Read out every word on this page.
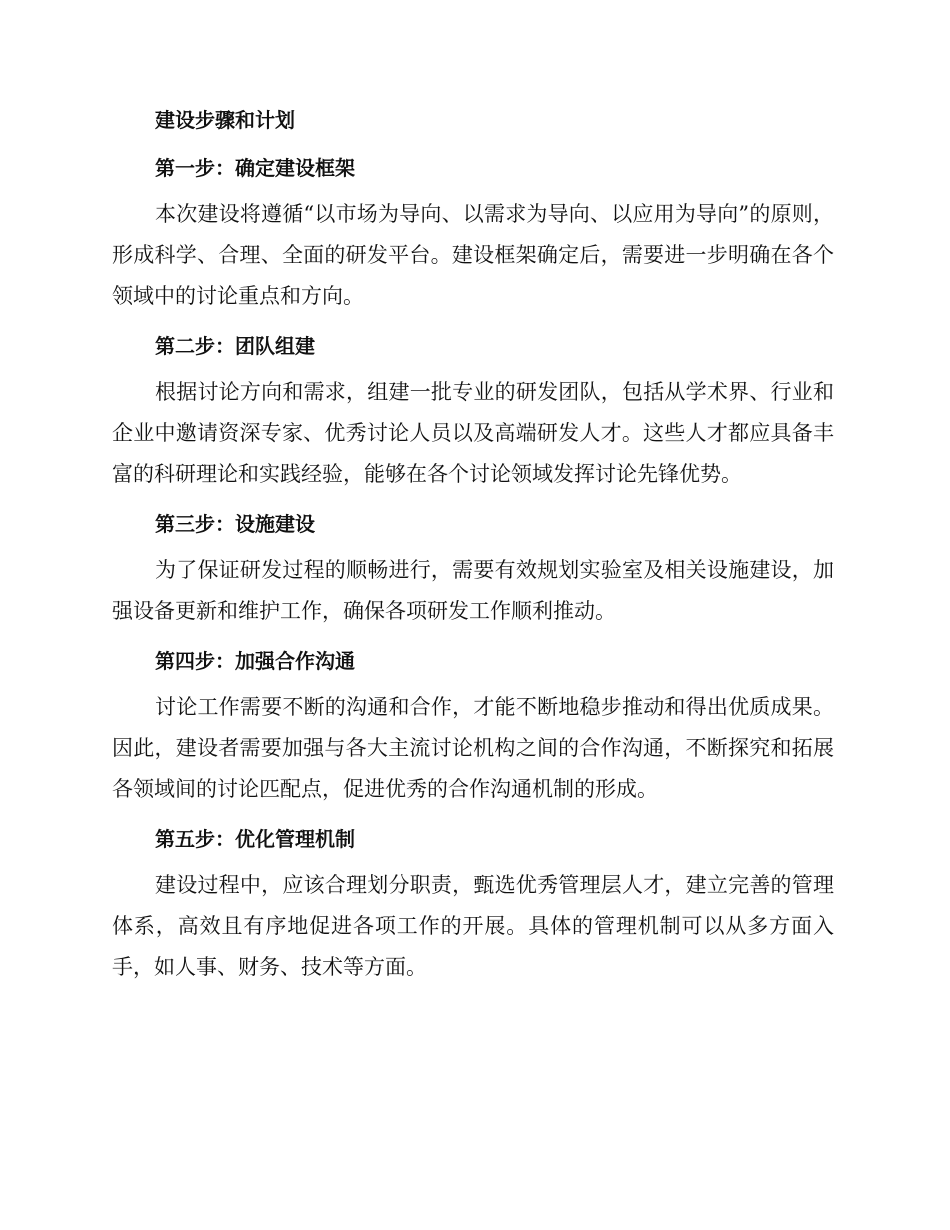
建设步骤和计划
第一步：确定建设框架

本次建设将遵循“以市场为导向、以需求为导向、以应用为导向”的原则，形成科学、合理、全面的研发平台。建设框架确定后，需要进一步明确在各个领域中的讨论重点和方向。

第二步：团队组建

根据讨论方向和需求，组建一批专业的研发团队，包括从学术界、行业和企业中邀请资深专家、优秀讨论人员以及高端研发人才。这些人才都应具备丰富的科研理论和实践经验，能够在各个讨论领域发挥讨论先锋优势。

第三步：设施建设

为了保证研发过程的顺畅进行，需要有效规划实验室及相关设施建设，加强设备更新和维护工作，确保各项研发工作顺利推动。

第四步：加强合作沟通

讨论工作需要不断的沟通和合作，才能不断地稳步推动和得出优质成果。因此，建设者需要加强与各大主流讨论机构之间的合作沟通，不断探究和拓展各领域间的讨论匹配点，促进优秀的合作沟通机制的形成。

第五步：优化管理机制

建设过程中，应该合理划分职责，甄选优秀管理层人才，建立完善的管理体系，高效且有序地促进各项工作的开展。具体的管理机制可以从多方面入手，如人事、财务、技术等方面。
